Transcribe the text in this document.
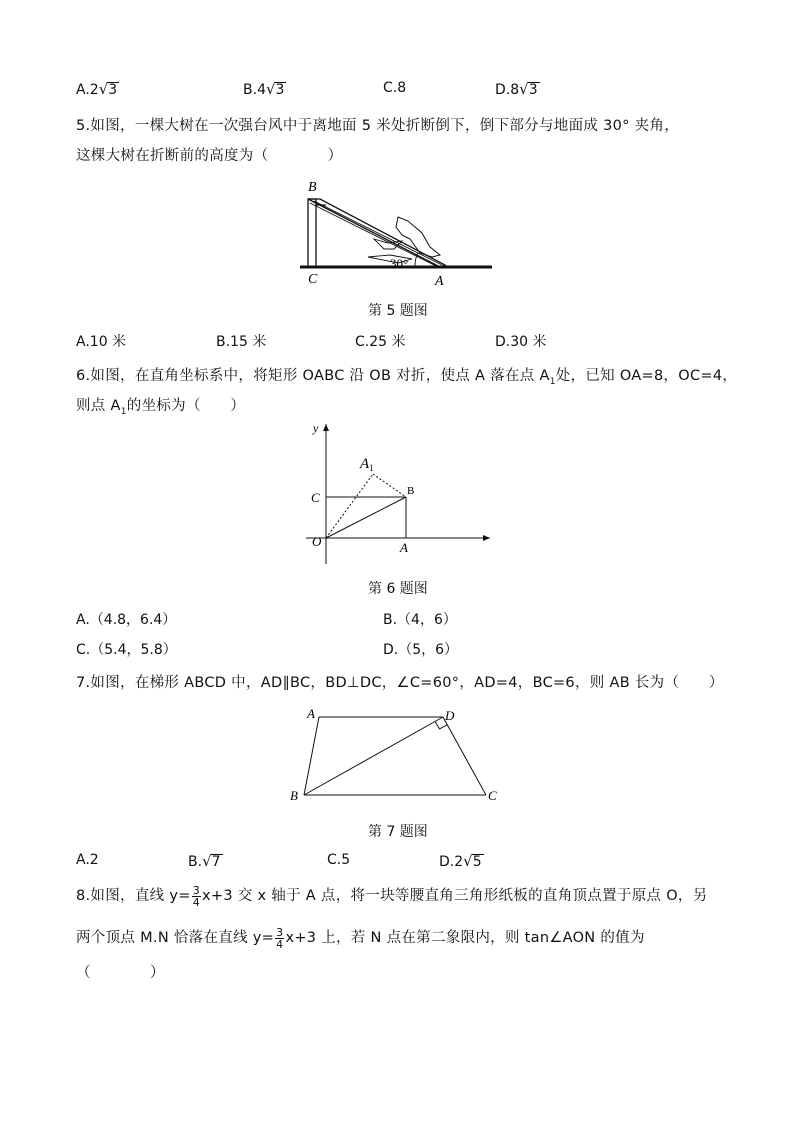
A.2√3	B.4√3	C.8	D.8√3
5.如图，一棵大树在一次强台风中于离地面 5 米处折断倒下，倒下部分与地面成 30° 夹角，
这棵大树在折断前的高度为（　　　　）
B
C	A
30°
第 5 题图
A.10 米	B.15 米	C.25 米	D.30 米
6.如图，在直角坐标系中，将矩形 OABC 沿 OB 对折，使点 A 落在点 $A_1$处，已知 OA=8，OC=4，
则点 $A_1$的坐标为（　　）
y
$A_1$
C	B
O	A
第 6 题图
A.（4.8，6.4）	B.（4，6）
C.（5.4，5.8）	D.（5，6）
7.如图，在梯形 ABCD 中，AD∥BC，BD⊥DC，∠C=60°，AD=4，BC=6，则 AB 长为（　　）
A	D
B	C
第 7 题图
A.2	B.√7	C.5	D.2√5
8.如图，直线 $y= \frac{3}{4} x+3$ 交 x 轴于 A 点，将一块等腰直角三角形纸板的直角顶点置于原点 O，另
两个顶点 M.N 恰落在直线 $y= \frac{3}{4} x+3$ 上，若 N 点在第二象限内，则 tan∠AON 的值为
（　　　　）
